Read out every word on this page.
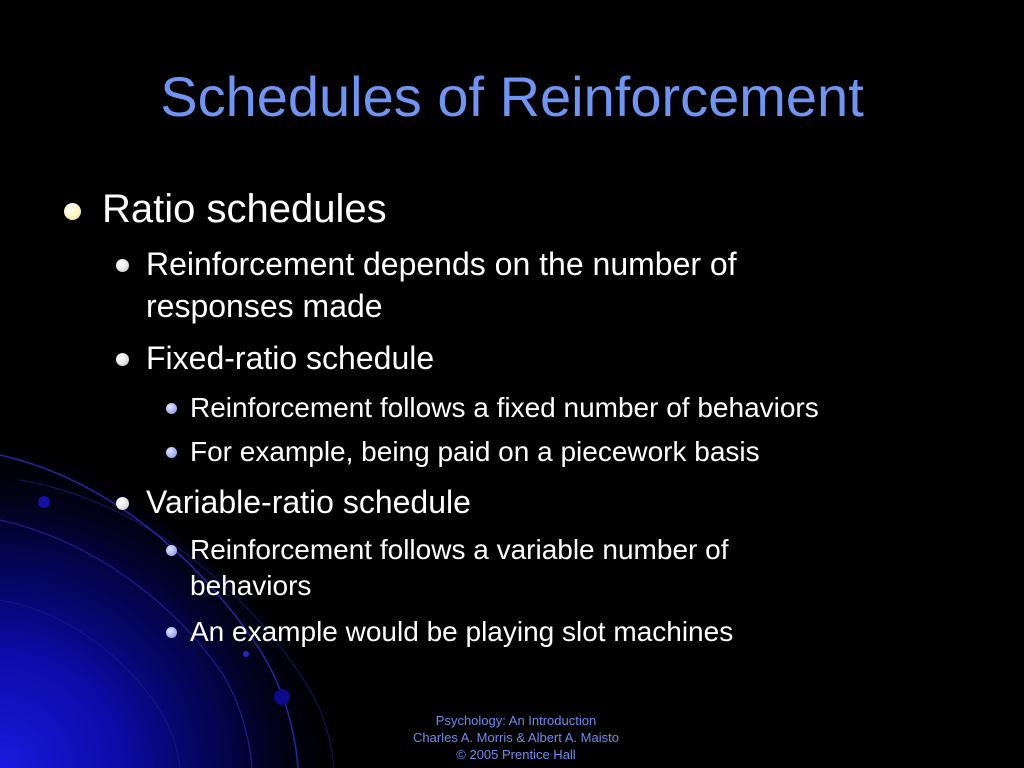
Schedules of Reinforcement
Ratio schedules
Reinforcement depends on the number of
responses made
Fixed-ratio schedule
Reinforcement follows a fixed number of behaviors
For example, being paid on a piecework basis
Variable-ratio schedule
Reinforcement follows a variable number of
behaviors
An example would be playing slot machines
Psychology: An Introduction
Charles A. Morris & Albert A. Maisto
© 2005 Prentice Hall
